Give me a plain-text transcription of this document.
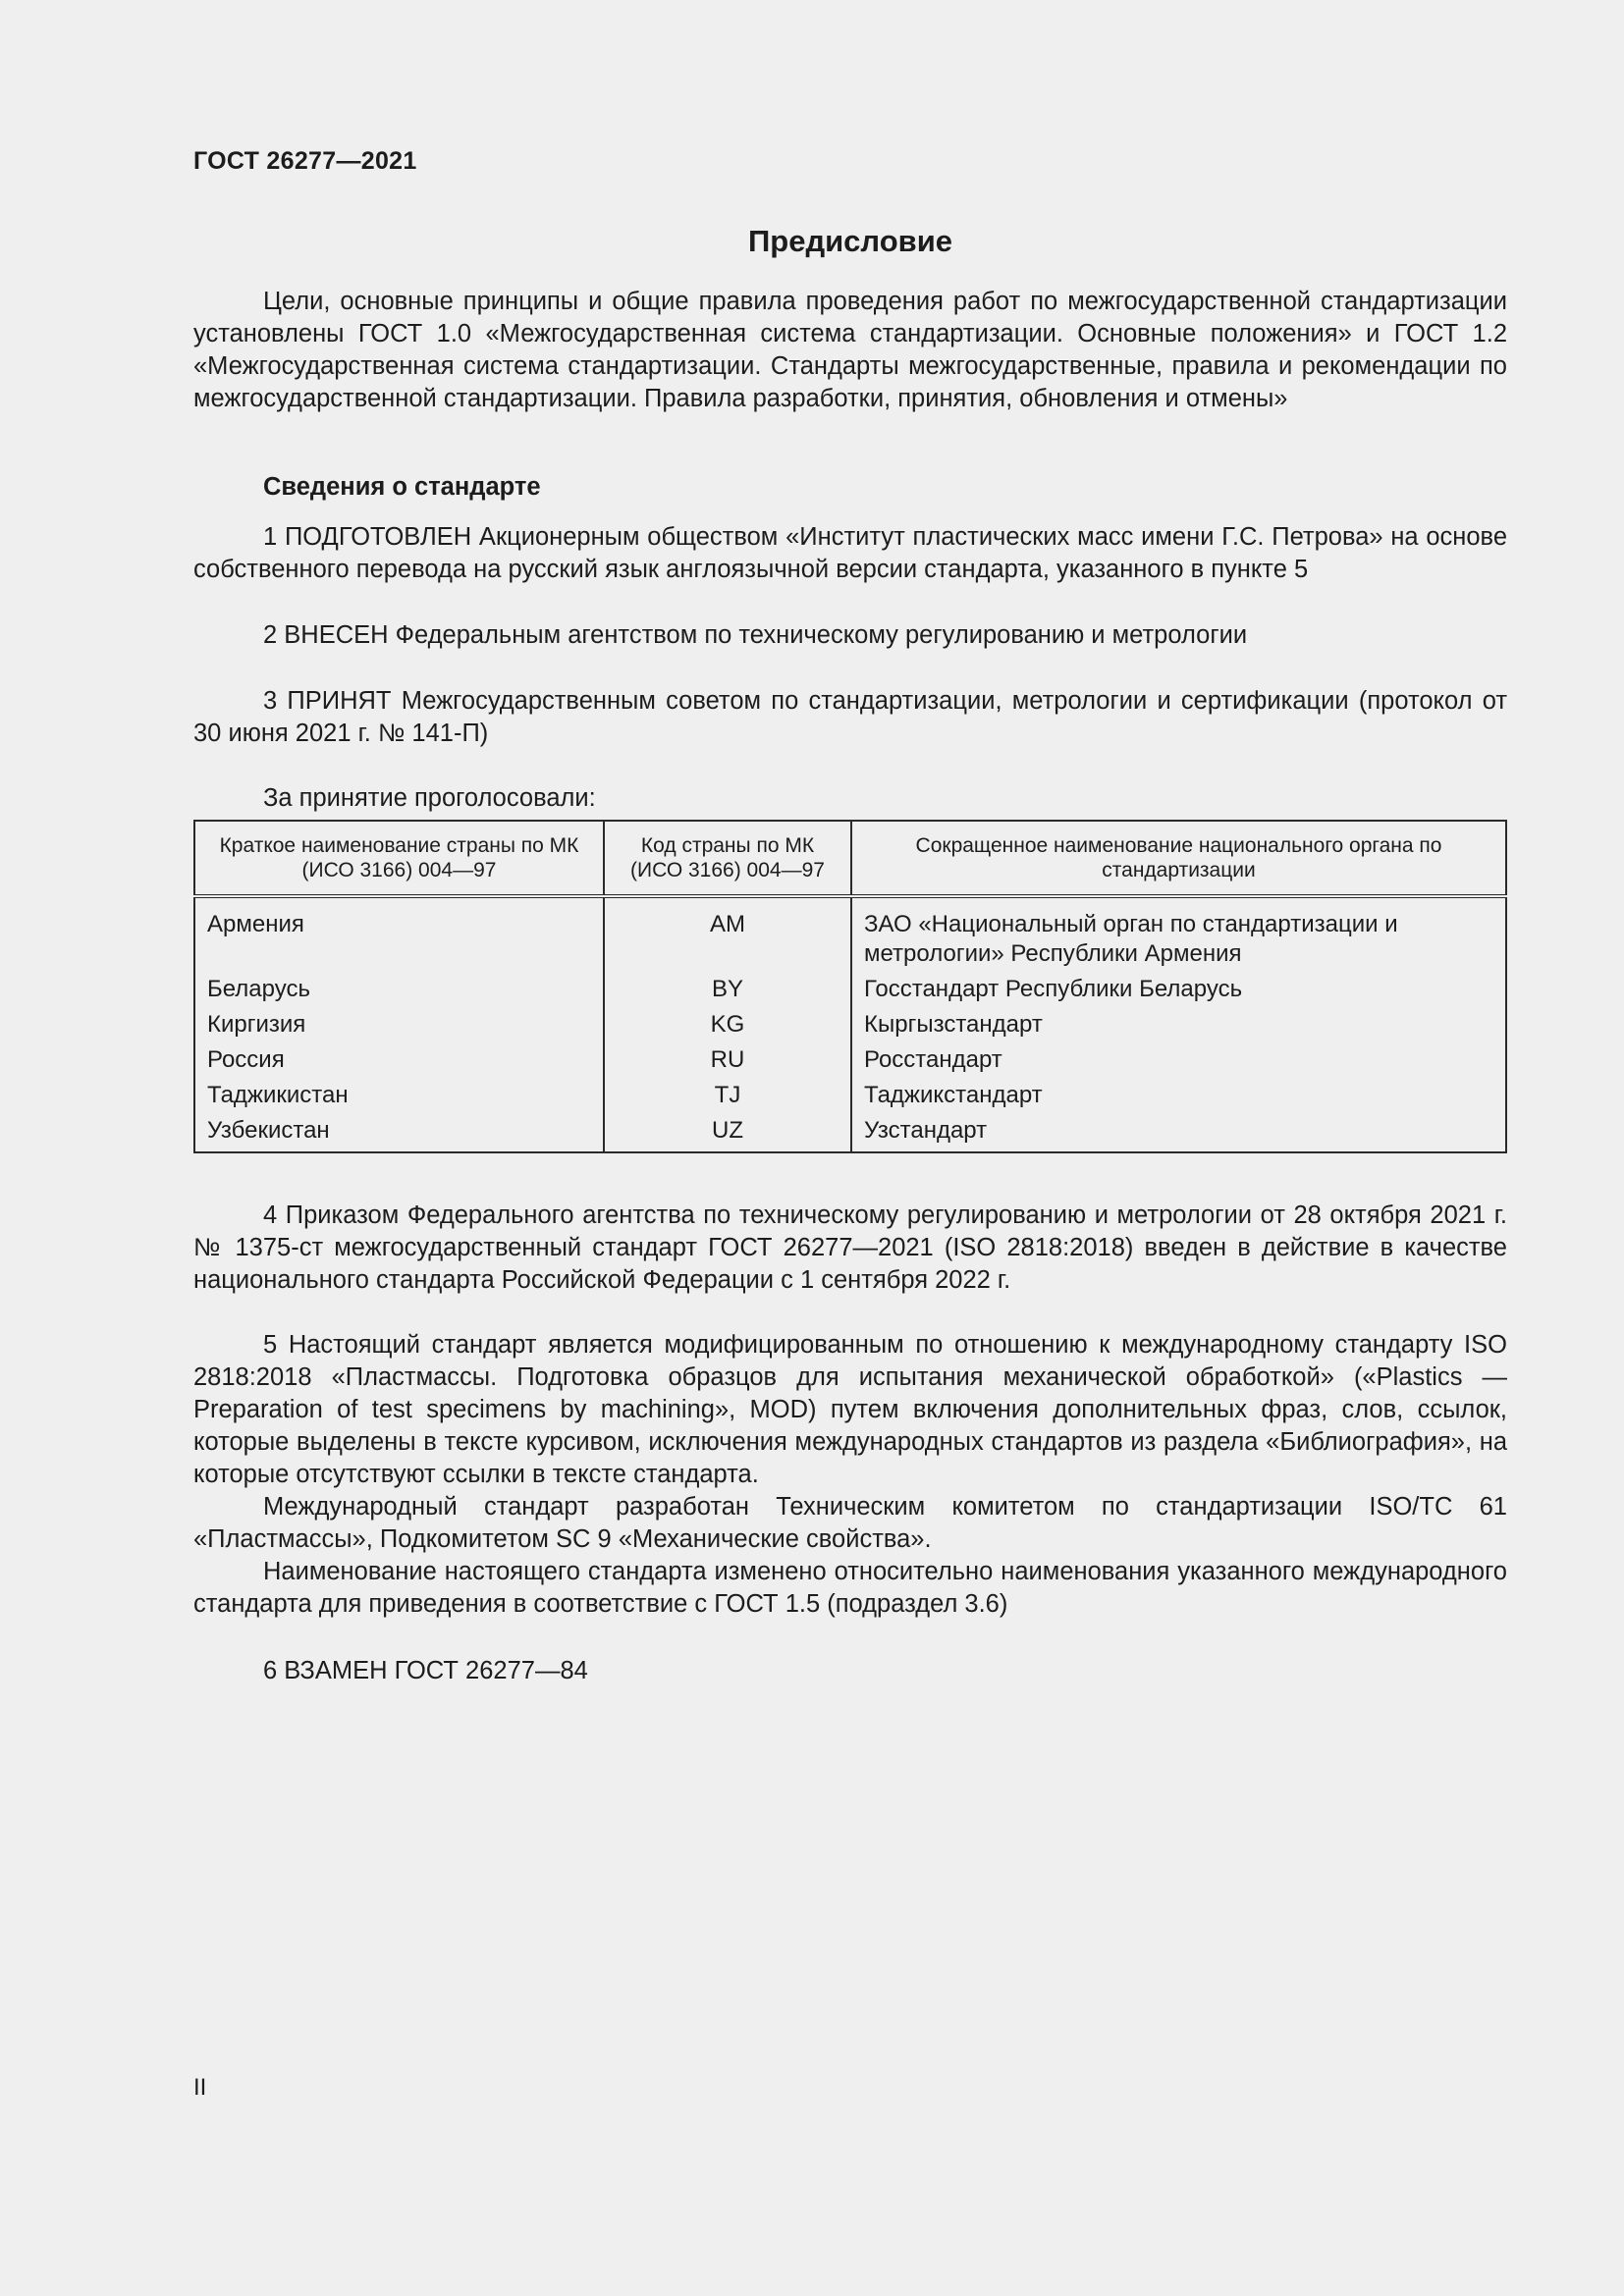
ГОСТ 26277—2021
Предисловие

Цели, основные принципы и общие правила проведения работ по межгосударственной стандартизации установлены ГОСТ 1.0 «Межгосударственная система стандартизации. Основные положения» и ГОСТ 1.2 «Межгосударственная система стандартизации. Стандарты межгосударственные, правила и рекомендации по межгосударственной стандартизации. Правила разработки, принятия, обновления и отмены»

Сведения о стандарте

1 ПОДГОТОВЛЕН Акционерным обществом «Институт пластических масс имени Г.С. Петрова» на основе собственного перевода на русский язык англоязычной версии стандарта, указанного в пункте 5

2 ВНЕСЕН Федеральным агентством по техническому регулированию и метрологии

3 ПРИНЯТ Межгосударственным советом по стандартизации, метрологии и сертификации (протокол от 30 июня 2021 г. № 141-П)

За принятие проголосовали:

Краткое наименование страны по МК (ИСО 3166) 004—97	Код страны по МК (ИСО 3166) 004—97	Сокращенное наименование национального органа по стандартизации
Армения	AM	ЗАО «Национальный орган по стандартизации и метрологии» Республики Армения
Беларусь	BY	Госстандарт Республики Беларусь
Киргизия	KG	Кыргызстандарт
Россия	RU	Росстандарт
Таджикистан	TJ	Таджикстандарт
Узбекистан	UZ	Узстандарт

4 Приказом Федерального агентства по техническому регулированию и метрологии от 28 октября 2021 г. № 1375-ст межгосударственный стандарт ГОСТ 26277—2021 (ISO 2818:2018) введен в действие в качестве национального стандарта Российской Федерации с 1 сентября 2022 г.

5 Настоящий стандарт является модифицированным по отношению к международному стандарту ISO 2818:2018 «Пластмассы. Подготовка образцов для испытания механической обработкой» («Plastics — Preparation of test specimens by machining», MOD) путем включения дополнительных фраз, слов, ссылок, которые выделены в тексте курсивом, исключения международных стандартов из раздела «Библиография», на которые отсутствуют ссылки в тексте стандарта.

Международный стандарт разработан Техническим комитетом по стандартизации ISO/TC 61 «Пластмассы», Подкомитетом SC 9 «Механические свойства».

Наименование настоящего стандарта изменено относительно наименования указанного международного стандарта для приведения в соответствие с ГОСТ 1.5 (подраздел 3.6)

6 ВЗАМЕН ГОСТ 26277—84

II
